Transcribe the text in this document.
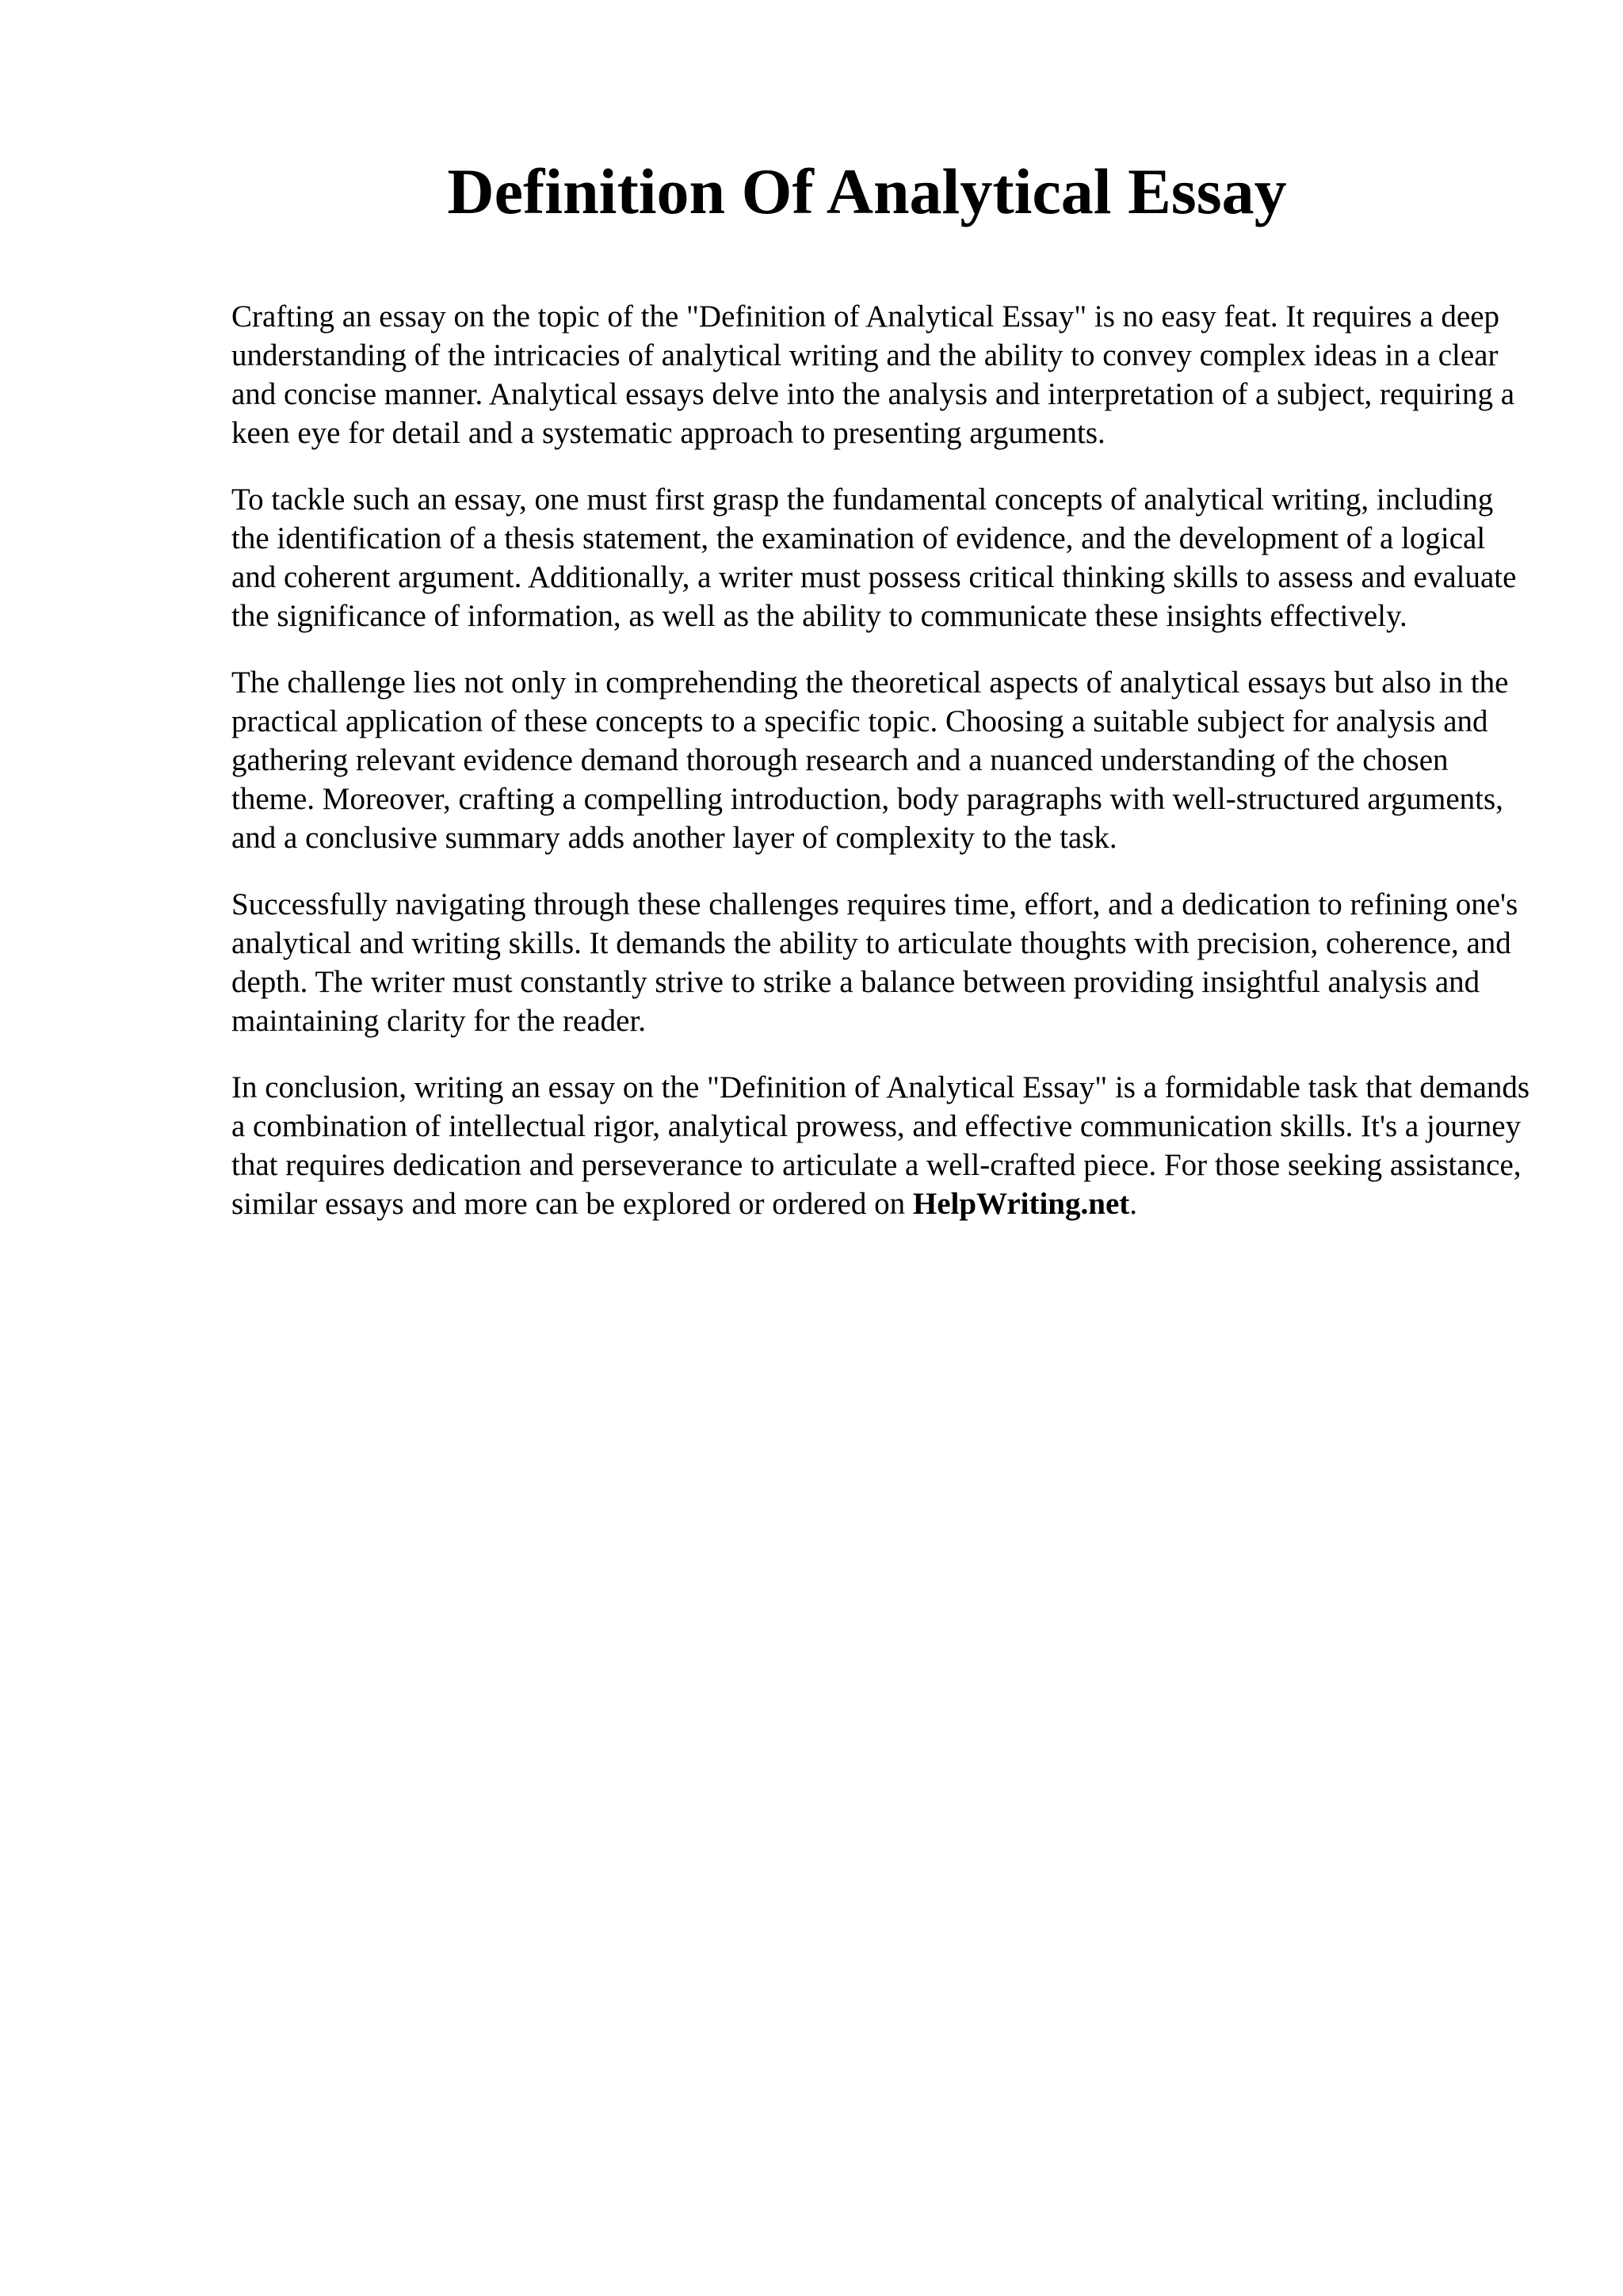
Definition Of Analytical Essay

Crafting an essay on the topic of the "Definition of Analytical Essay" is no easy feat. It requires a deep understanding of the intricacies of analytical writing and the ability to convey complex ideas in a clear and concise manner. Analytical essays delve into the analysis and interpretation of a subject, requiring a keen eye for detail and a systematic approach to presenting arguments.

To tackle such an essay, one must first grasp the fundamental concepts of analytical writing, including the identification of a thesis statement, the examination of evidence, and the development of a logical and coherent argument. Additionally, a writer must possess critical thinking skills to assess and evaluate the significance of information, as well as the ability to communicate these insights effectively.

The challenge lies not only in comprehending the theoretical aspects of analytical essays but also in the practical application of these concepts to a specific topic. Choosing a suitable subject for analysis and gathering relevant evidence demand thorough research and a nuanced understanding of the chosen theme. Moreover, crafting a compelling introduction, body paragraphs with well-structured arguments, and a conclusive summary adds another layer of complexity to the task.

Successfully navigating through these challenges requires time, effort, and a dedication to refining one's analytical and writing skills. It demands the ability to articulate thoughts with precision, coherence, and depth. The writer must constantly strive to strike a balance between providing insightful analysis and maintaining clarity for the reader.

In conclusion, writing an essay on the "Definition of Analytical Essay" is a formidable task that demands a combination of intellectual rigor, analytical prowess, and effective communication skills. It's a journey that requires dedication and perseverance to articulate a well-crafted piece. For those seeking assistance, similar essays and more can be explored or ordered on HelpWriting.net.
